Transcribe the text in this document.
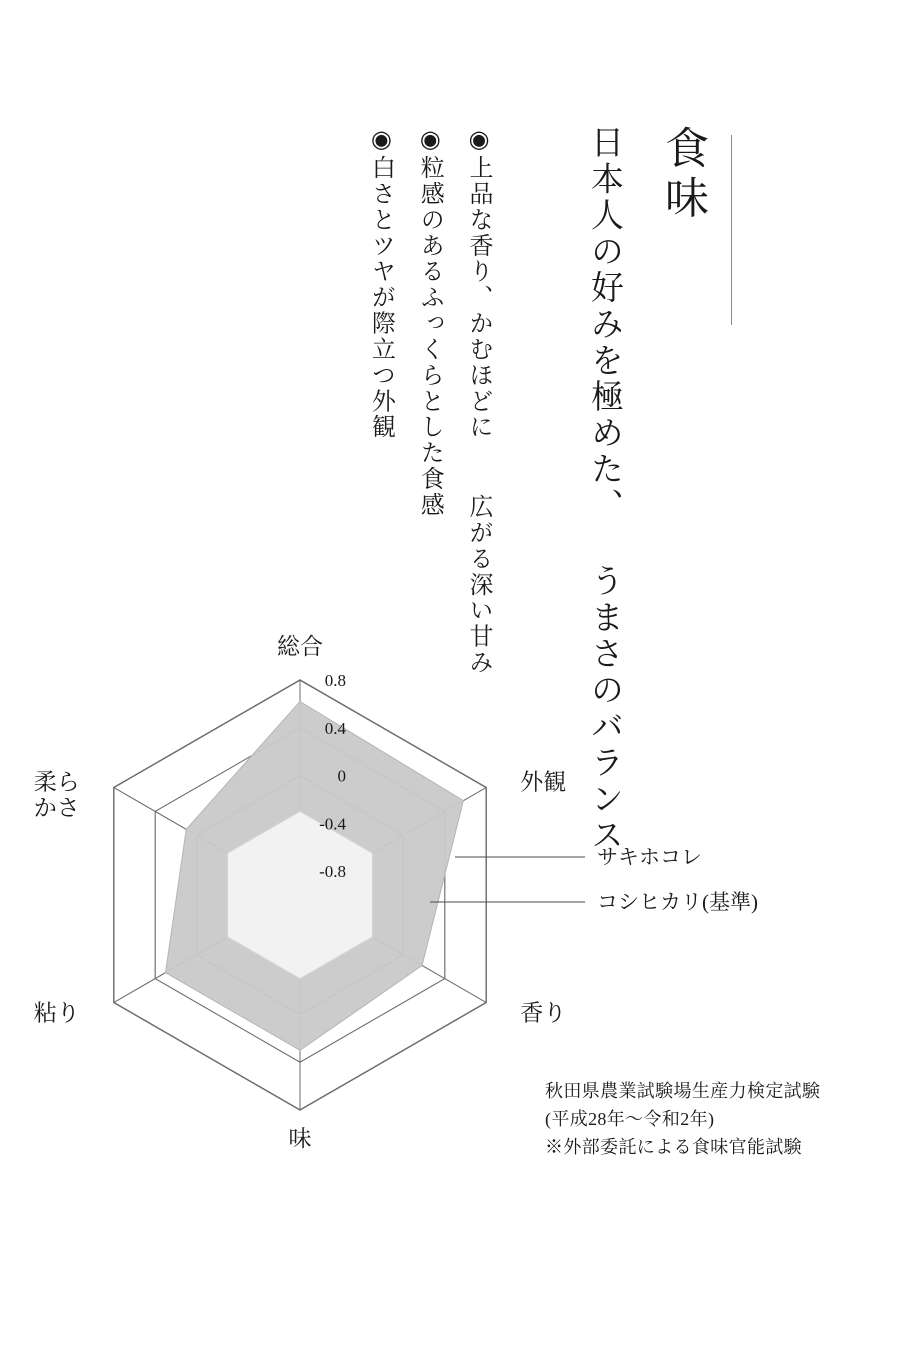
食味
日本人の好みを極めた、 うまさのバランス
◉白さとツヤが際立つ外観 ◉粒感のあるふっくらとした食感 ◉上品な香り、かむほどに 　広がる深い甘み
0.8
0.4
0
-0.4
-0.8
総合
外観
香り
味
粘り
柔ら
かさ
サキホコレ
コシヒカリ(基準)
秋田県農業試験場生産力検定試験
(平成28年〜令和2年)
※外部委託による食味官能試験
